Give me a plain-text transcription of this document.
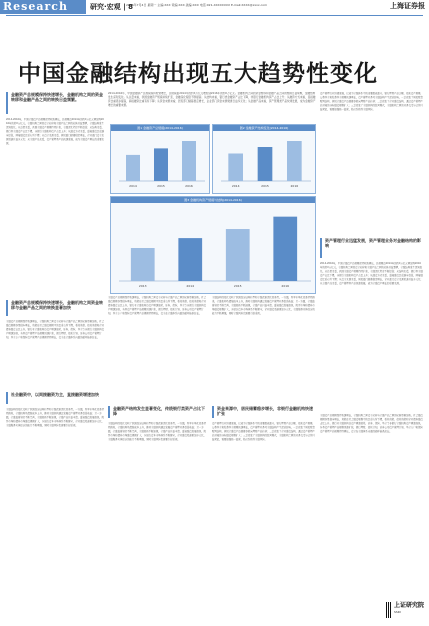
Research	研究·宏观 | 8
2016年7月4日 星期一 主编:XXX 责编:XXX 美编:XXX 电话:021-XXXXXXXX E-mail:XXXX@xxxx.com	上海证券报
中国金融结构出现五大趋势性变化
金融资产总规模保持快速增长，金融机构之间的资金转移和金融产品之间的转换日益频繁。
2014-2016年，中国金融资产总规模保持较快增长，总规模由2014年的约X万亿元增加到2016年的约X万亿元。金融机构之间的资金转移和金融产品之间的转换日益频繁，金融结构发生深刻变化。从总量来看，我国金融资产规模持续扩张，金融深化程度不断提高；从结构来看，银行类金融资产占比下降，非银行金融机构资产占比上升；从融资方式来看，直接融资比重逐步提高，间接融资比重有所下降；从资金来源来看，居民部门储蓄稳定增长，企业部门资金来源渠道日益多元化；从金融产品来看，资产管理类产品快速发展，成为金融资产增长的重要来源。
金融资产总规模保持快速增长，金融机构之间资金转移与金融产品之间的转换显著加快
金融资产总规模保持快速增长，金融机构之间资金转移与金融产品之间的转换显著加快。社会融资规模存量稳步增长，贷款在社会融资规模中的比重有所下降，委托贷款、信托贷款和企业债券融资占比上升。银行业金融机构总资产增速放缓，证券、保险、基金等非银行金融机构资产增速加快，各类资产管理产品规模迅速扩张，银行理财、信托计划、证券公司资产管理计划、基金专户和保险资产管理产品规模持续增长，资金在金融体系内部的循环链条拉长。
社会融资中，以间接融资为主，直接融资增速加快
金融结构的变化反映了我国经济结构转型和金融改革深化的进程。一方面，利率市场化改革持续推进，金融机构负债端成本上升，推动金融机构通过发展资产管理业务提高收益；另一方面，金融监管制度不断完善，金融创新不断涌现，金融产品日益丰富。直接融资发展加快，股票市场和债券市场融资规模扩大，多层次资本市场体系不断健全，企业融资渠道更加多元化，金融服务实体经济的能力不断增强，同时金融风险也需要引起重视。
2014-2016年，中国金融资产总规模保持较快增长，总规模由2014年的约X万亿元增加到2016年的约X万亿元。金融机构之间的资金转移和金融产品之间的转换日益频繁，金融结构发生深刻变化。从总量来看，我国金融资产规模持续扩张，金融深化程度不断提高；从结构来看，银行类金融资产占比下降，非银行金融机构资产占比上升；从融资方式来看，直接融资比重逐步提高，间接融资比重有所下降；从资金来源来看，居民部门储蓄稳定增长，企业部门资金来源渠道日益多元化；从金融产品来看，资产管理类产品快速发展，成为金融资产增长的重要来源。
图1 金融资产总规模(2014-2016)
2014	2015	2016
图2 金融资产结构变化(2014-2016)
2014	2015	2016
图3 金融机构资产规模与结构(2014-2016)
2013	2014	2015	2016
金融资产总规模保持快速增长，金融机构之间资金转移与金融产品之间的转换显著加快。社会融资规模存量稳步增长，贷款在社会融资规模中的比重有所下降，委托贷款、信托贷款和企业债券融资占比上升。银行业金融机构总资产增速放缓，证券、保险、基金等非银行金融机构资产增速加快，各类资产管理产品规模迅速扩张，银行理财、信托计划、证券公司资产管理计划、基金专户和保险资产管理产品规模持续增长，资金在金融体系内部的循环链条拉长。
金融资产结构发生显著变化，传统银行类资产占比下降
金融结构的变化反映了我国经济结构转型和金融改革深化的进程。一方面，利率市场化改革持续推进，金融机构负债端成本上升，推动金融机构通过发展资产管理业务提高收益；另一方面，金融监管制度不断完善，金融创新不断涌现，金融产品日益丰富。直接融资发展加快，股票市场和债券市场融资规模扩大，多层次资本市场体系不断健全，企业融资渠道更加多元化，金融服务实体经济的能力不断增强，同时金融风险也需要引起重视。
金融结构的变化反映了我国经济结构转型和金融改革深化的进程。一方面，利率市场化改革持续推进，金融机构负债端成本上升，推动金融机构通过发展资产管理业务提高收益；另一方面，金融监管制度不断完善，金融创新不断涌现，金融产品日益丰富。直接融资发展加快，股票市场和债券市场融资规模扩大，多层次资本市场体系不断健全，企业融资渠道更加多元化，金融服务实体经济的能力不断增强，同时金融风险也需要引起重视。
资金来源中，居民储蓄稳步增长，非银行金融机构快速扩张
资产管理行业迅猛发展，已成为金融体系中的重要组成部分。银行理财产品余额、信托资产规模、公募基金和私募基金规模快速增长，资产管理业务对金融结构产生深远影响。一是改变了居民财富配置结构，居民金融资产由储蓄存款向理财产品转移；二是改变了企业融资结构，通过资产管理产品对接的非标融资规模扩大；三是改变了金融机构的经营模式，金融机构之间的业务交叉与合作日益紧密，需要加强统一监管，防范系统性金融风险。
资产管理行业迅猛发展，已成为金融体系中的重要组成部分。银行理财产品余额、信托资产规模、公募基金和私募基金规模快速增长，资产管理业务对金融结构产生深远影响。一是改变了居民财富配置结构，居民金融资产由储蓄存款向理财产品转移；二是改变了企业融资结构，通过资产管理产品对接的非标融资规模扩大；三是改变了金融机构的经营模式，金融机构之间的业务交叉与合作日益紧密，需要加强统一监管，防范系统性金融风险。
资产管理行业迅猛发展，资产管理业务对金融结构的影响
2014-2016年，中国金融资产总规模保持较快增长，总规模由2014年的约X万亿元增加到2016年的约X万亿元。金融机构之间的资金转移和金融产品之间的转换日益频繁，金融结构发生深刻变化。从总量来看，我国金融资产规模持续扩张，金融深化程度不断提高；从结构来看，银行类金融资产占比下降，非银行金融机构资产占比上升；从融资方式来看，直接融资比重逐步提高，间接融资比重有所下降；从资金来源来看，居民部门储蓄稳定增长，企业部门资金来源渠道日益多元化；从金融产品来看，资产管理类产品快速发展，成为金融资产增长的重要来源。
金融资产总规模保持快速增长，金融机构之间资金转移与金融产品之间的转换显著加快。社会融资规模存量稳步增长，贷款在社会融资规模中的比重有所下降，委托贷款、信托贷款和企业债券融资占比上升。银行业金融机构总资产增速放缓，证券、保险、基金等非银行金融机构资产增速加快，各类资产管理产品规模迅速扩张，银行理财、信托计划、证券公司资产管理计划、基金专户和保险资产管理产品规模持续增长，资金在金融体系内部的循环链条拉长。
上证研究院
SSRI
